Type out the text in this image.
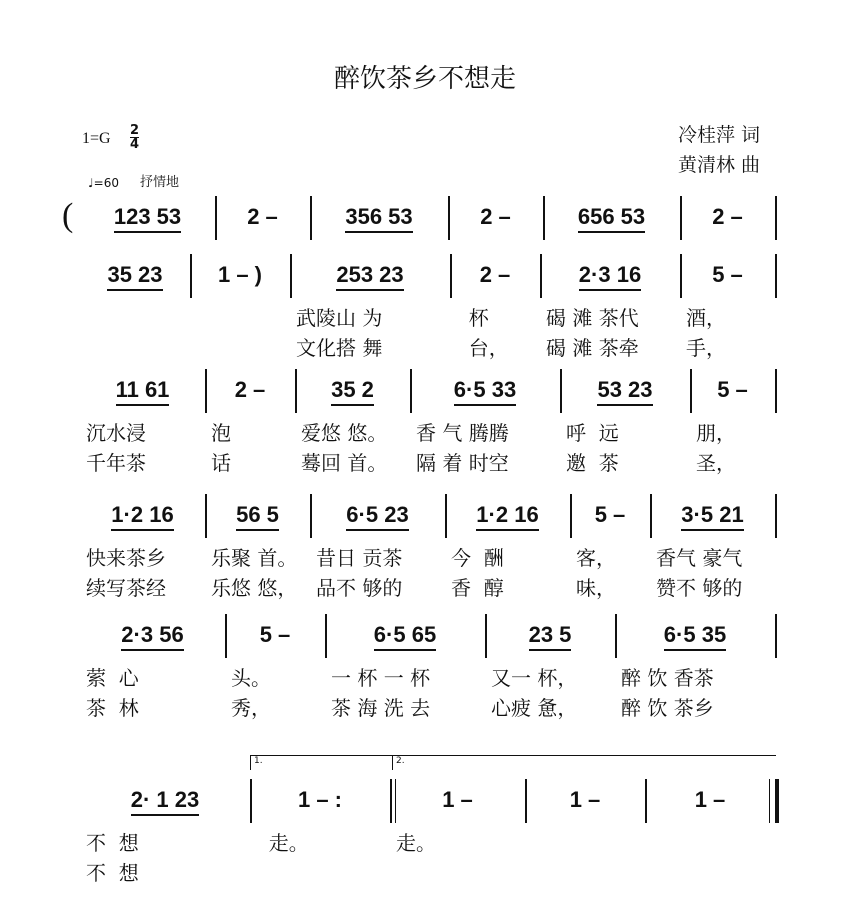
醉饮茶乡不想走
1=G 2
4	冷桂萍 词
黄清林 曲
♩=60 抒情地
(
1.	2.
123 53	2 –	356 53	2 –	656 53	2 –
35 23	1 – )	253 23
武陵山 为
文化搭 舞
2 –
杯
台，
2·3 16
碣 滩 茶代
碣 滩 茶牵
5 –
酒，
手，
11 61
沉水浸
千年茶
2 –
泡
话
35 2
爱悠 悠。
蓦回 首。
6·5 33
香 气 腾腾
隔 着 时空
53 23
呼  远
邀  茶
5 –
朋，
圣，
1·2 16
快来茶乡
续写茶经
56 5
乐聚 首。
乐悠 悠，
6·5 23
昔日 贡茶
品不 够的
1·2 16
今  酬
香  醇
5 –
客，
味，
3·5 21
香气 豪气
赞不 够的
2·3 56
萦  心
茶  林
5 –
头。
秀，
6·5 65
一 杯 一 杯
茶 海 洗 去
23 5
又一 杯，
心疲 惫，
6·5 35
醉 饮 香茶
醉 饮 茶乡
2· 1 23
不  想
不  想
1 – :
走。
1 –
走。
1 –	1 –
